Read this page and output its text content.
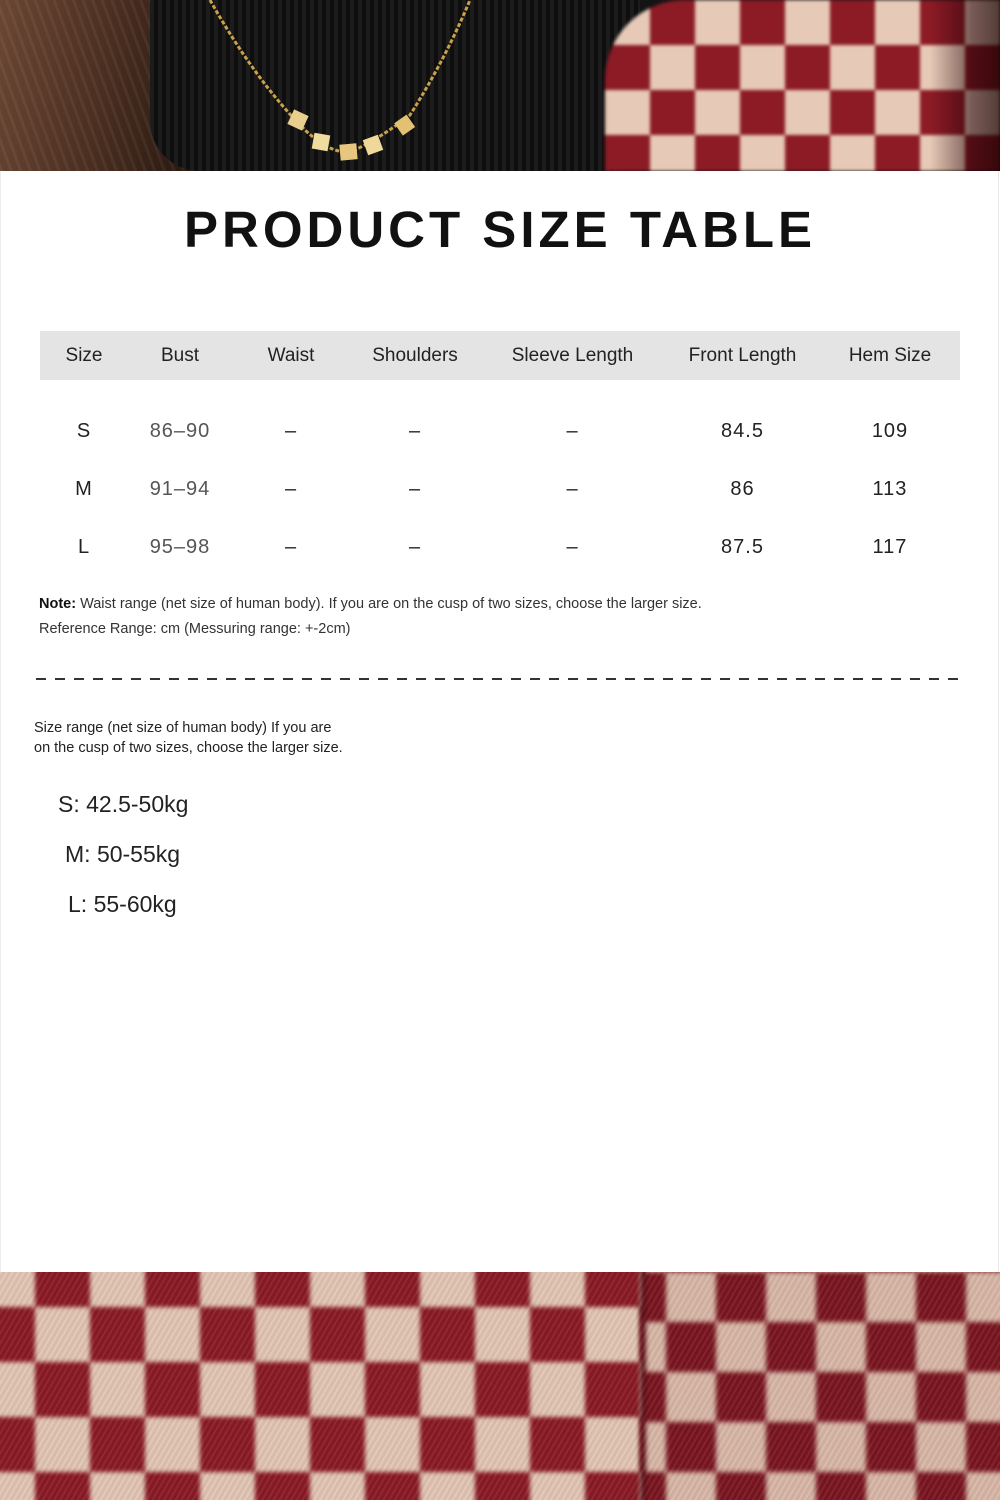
PRODUCT SIZE TABLE
Size	Bust	Waist	Shoulders	Sleeve Length	Front Length	Hem Size
S	86–90	–	–	–	84.5	109
M	91–94	–	–	–	86	113
L	95–98	–	–	–	87.5	117

Note: Waist range (net size of human body). If you are on the cusp of two sizes, choose the larger size.

Reference Range: cm (Messuring range: +-2cm)

Size range (net size of human body) If you are
on the cusp of two sizes, choose the larger size.
S: 42.5-50kg
M: 50-55kg
L: 55-60kg
